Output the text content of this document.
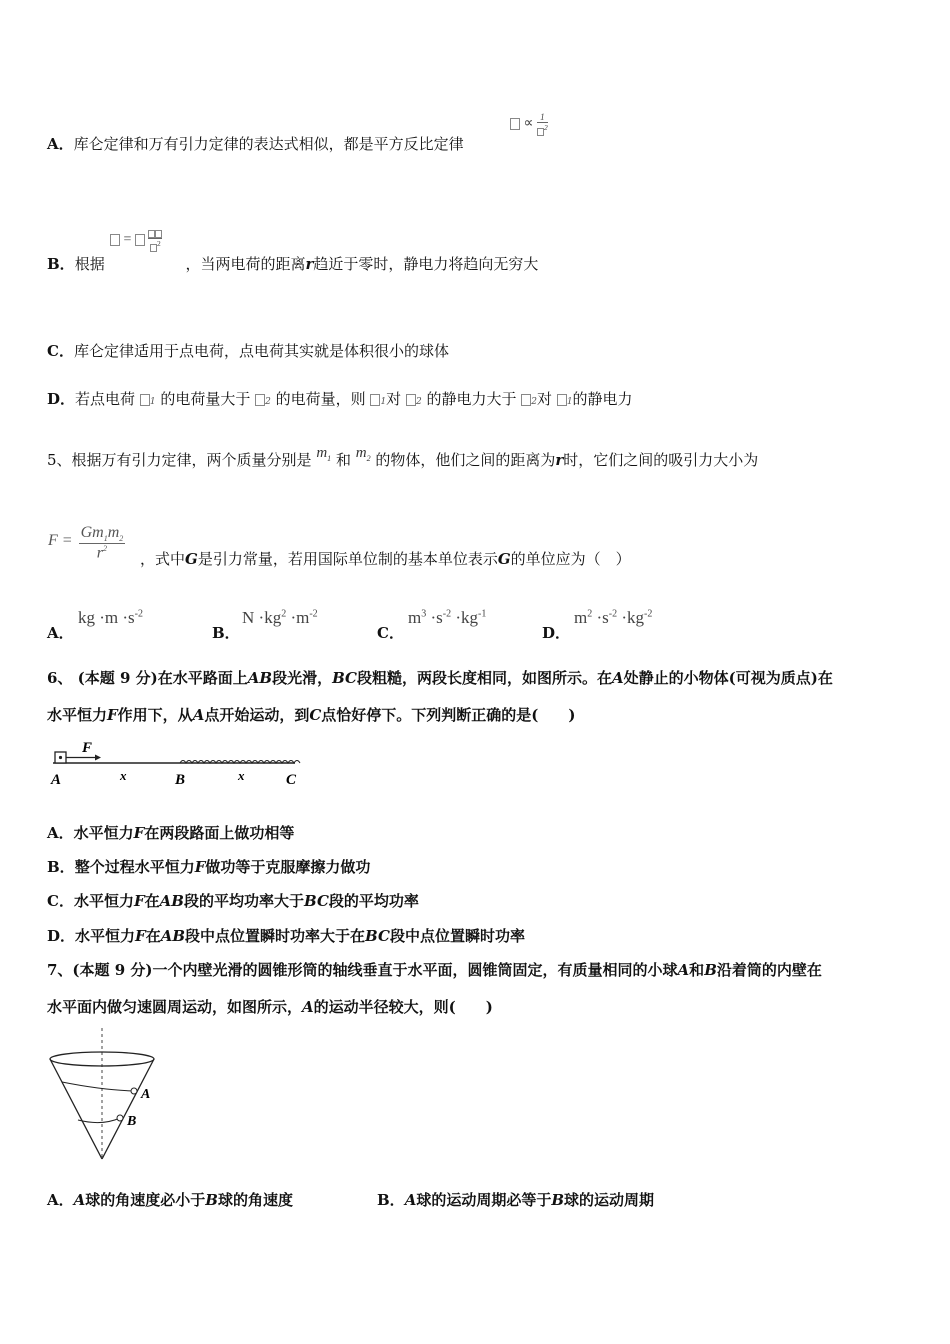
A．库仑定律和万有引力定律的表达式相似，都是平方反比定律
∝ $\frac{1}{^2}$
=	$^2$
B．根据	，当两电荷的距离r趋近于零时，静电力将趋向无穷大
C．库仑定律适用于点电荷，点电荷其实就是体积很小的球体
D．若点电荷 1 的电荷量大于 2 的电荷量，则 1对 2 的静电力大于 2对 1的静电力
5、根据万有引力定律，两个质量分别是 $m_1$ 和 $m_2$ 的物体，他们之间的距离为r时，它们之间的吸引力大小为
$F = \frac{Gm_1m_2}{r^2}$ ，式中G是引力常量，若用国际单位制的基本单位表示G的单位应为（　）
A．
kg $\cdot m \cdot s^{-2}$
B．
$N \cdot kg^2 \cdot m^{-2}$
C．
$m^3 \cdot s^{-2} \cdot kg^{-1}$
D．
$m^2 \cdot s^{-2} \cdot kg^{-2}$
6、 (本题 9 分)在水平路面上AB段光滑，BC段粗糙，两段长度相同，如图所示。在A处静止的小物体(可视为质点)在
水平恒力F作用下，从A点开始运动，到C点恰好停下。下列判断正确的是(　　)
F
A	x	B	x	C
A．水平恒力F在两段路面上做功相等
B．整个过程水平恒力F做功等于克服摩擦力做功
C．水平恒力F在AB段的平均功率大于BC段的平均功率
D．水平恒力F在AB段中点位置瞬时功率大于在BC段中点位置瞬时功率
7、(本题 9 分)一个内壁光滑的圆锥形筒的轴线垂直于水平面，圆锥筒固定，有质量相同的小球A和B沿着筒的内壁在
水平面内做匀速圆周运动，如图所示，A的运动半径较大，则(　　)
A
B
A．A球的角速度必小于B球的角速度	B．A球的运动周期必等于B球的运动周期
